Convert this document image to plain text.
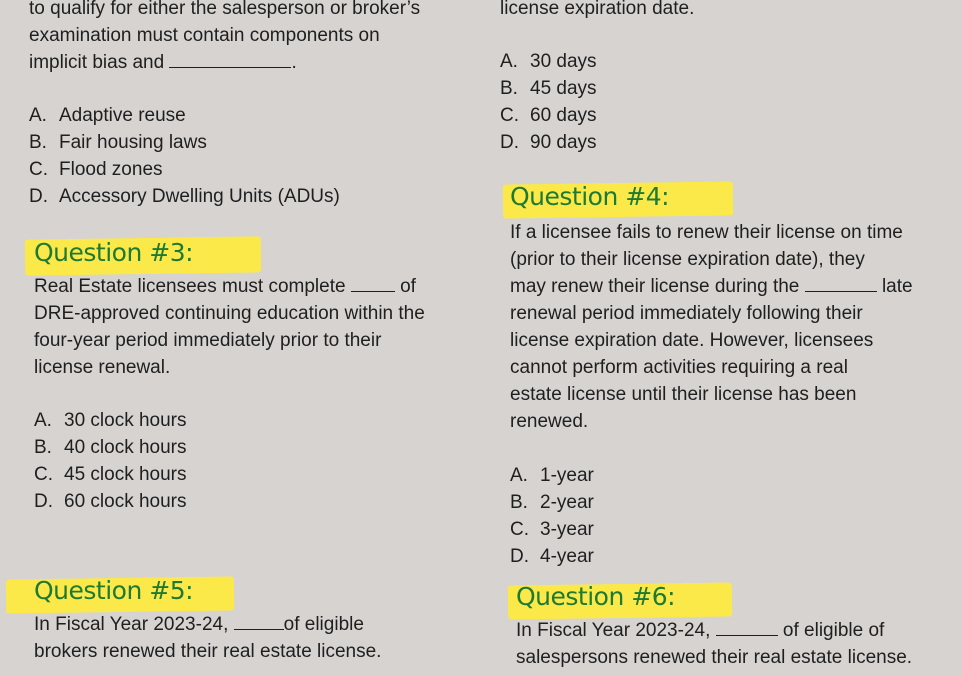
to qualify for either the salesperson or broker’s

examination must contain components on

implicit bias and	.

A. Adaptive reuse
B. Fair housing laws
C. Flood zones
D. Accessory Dwelling Units (ADUs)
Question #3:

Real Estate licensees must complete	of

DRE-approved continuing education within the

four-year period immediately prior to their

license renewal.

A. 30 clock hours
B. 40 clock hours
C. 45 clock hours
D. 60 clock hours
Question #5:

In Fiscal Year 2023-24,	of eligible

brokers renewed their real estate license.

license expiration date.

A. 30 days
B. 45 days
C. 60 days
D. 90 days
Question #4:

If a licensee fails to renew their license on time

(prior to their license expiration date), they

may renew their license during the	late

renewal period immediately following their

license expiration date. However, licensees

cannot perform activities requiring a real

estate license until their license has been

renewed.

A. 1-year
B. 2-year
C. 3-year
D. 4-year
Question #6:

In Fiscal Year 2023-24,	of eligible of

salespersons renewed their real estate license.
